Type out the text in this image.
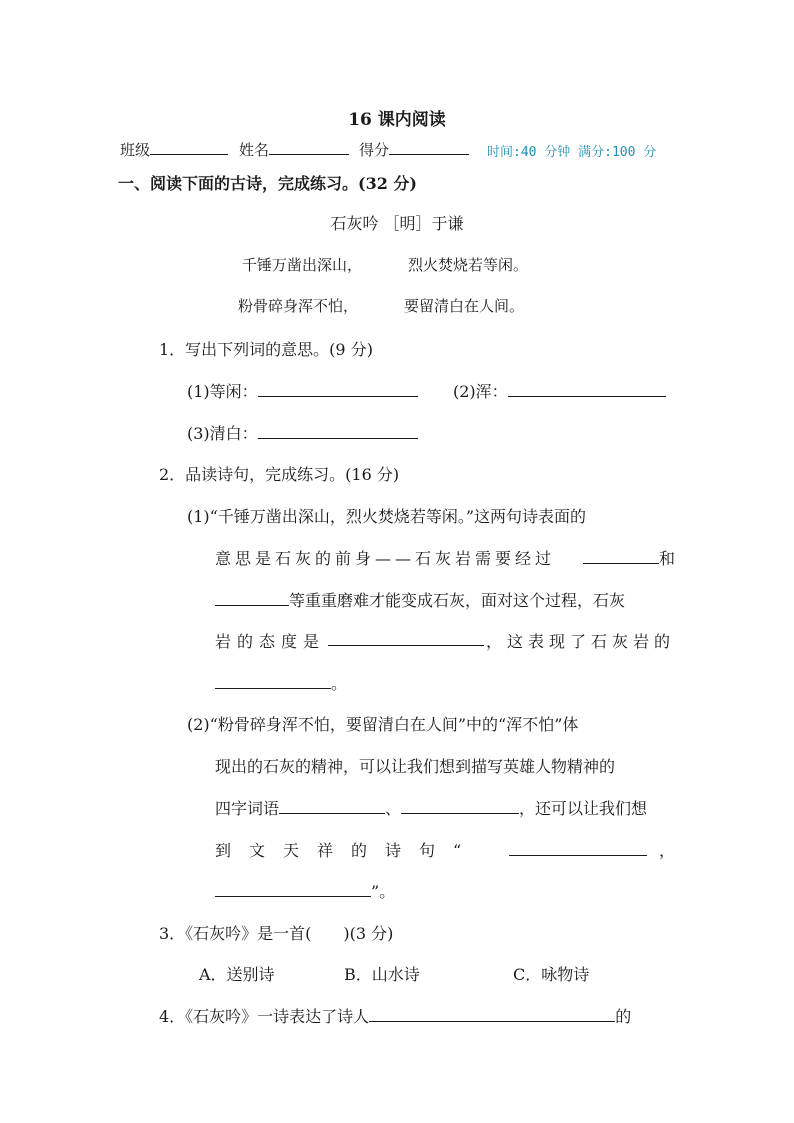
16 课内阅读
班级	姓名	得分	时间:40 分钟 满分:100 分
一、阅读下面的古诗，完成练习。(32 分)
石灰吟 ［明］于谦
千锤万凿出深山，	烈火焚烧若等闲。
粉骨碎身浑不怕，	要留清白在人间。
1．写出下列词的意思。(9 分)
(1)等闲：	(2)浑：
(3)清白：
2．品读诗句，完成练习。(16 分)
(1)“千锤万凿出深山，烈火焚烧若等闲。”这两句诗表面的
意思是石灰的前身——石灰岩需要经过	和
等重重磨难才能变成石灰，面对这个过程，石灰
岩的态度是	，这表现了石灰岩的
。
(2)“粉骨碎身浑不怕，要留清白在人间”中的“浑不怕”体
现出的石灰的精神，可以让我们想到描写英雄人物精神的
四字词语	、	，还可以让我们想
到文天祥的诗句“	，
”。
3．《石灰吟》是一首(　　)(3 分)
A．送别诗	B．山水诗	C．咏物诗
4．《石灰吟》一诗表达了诗人	的
